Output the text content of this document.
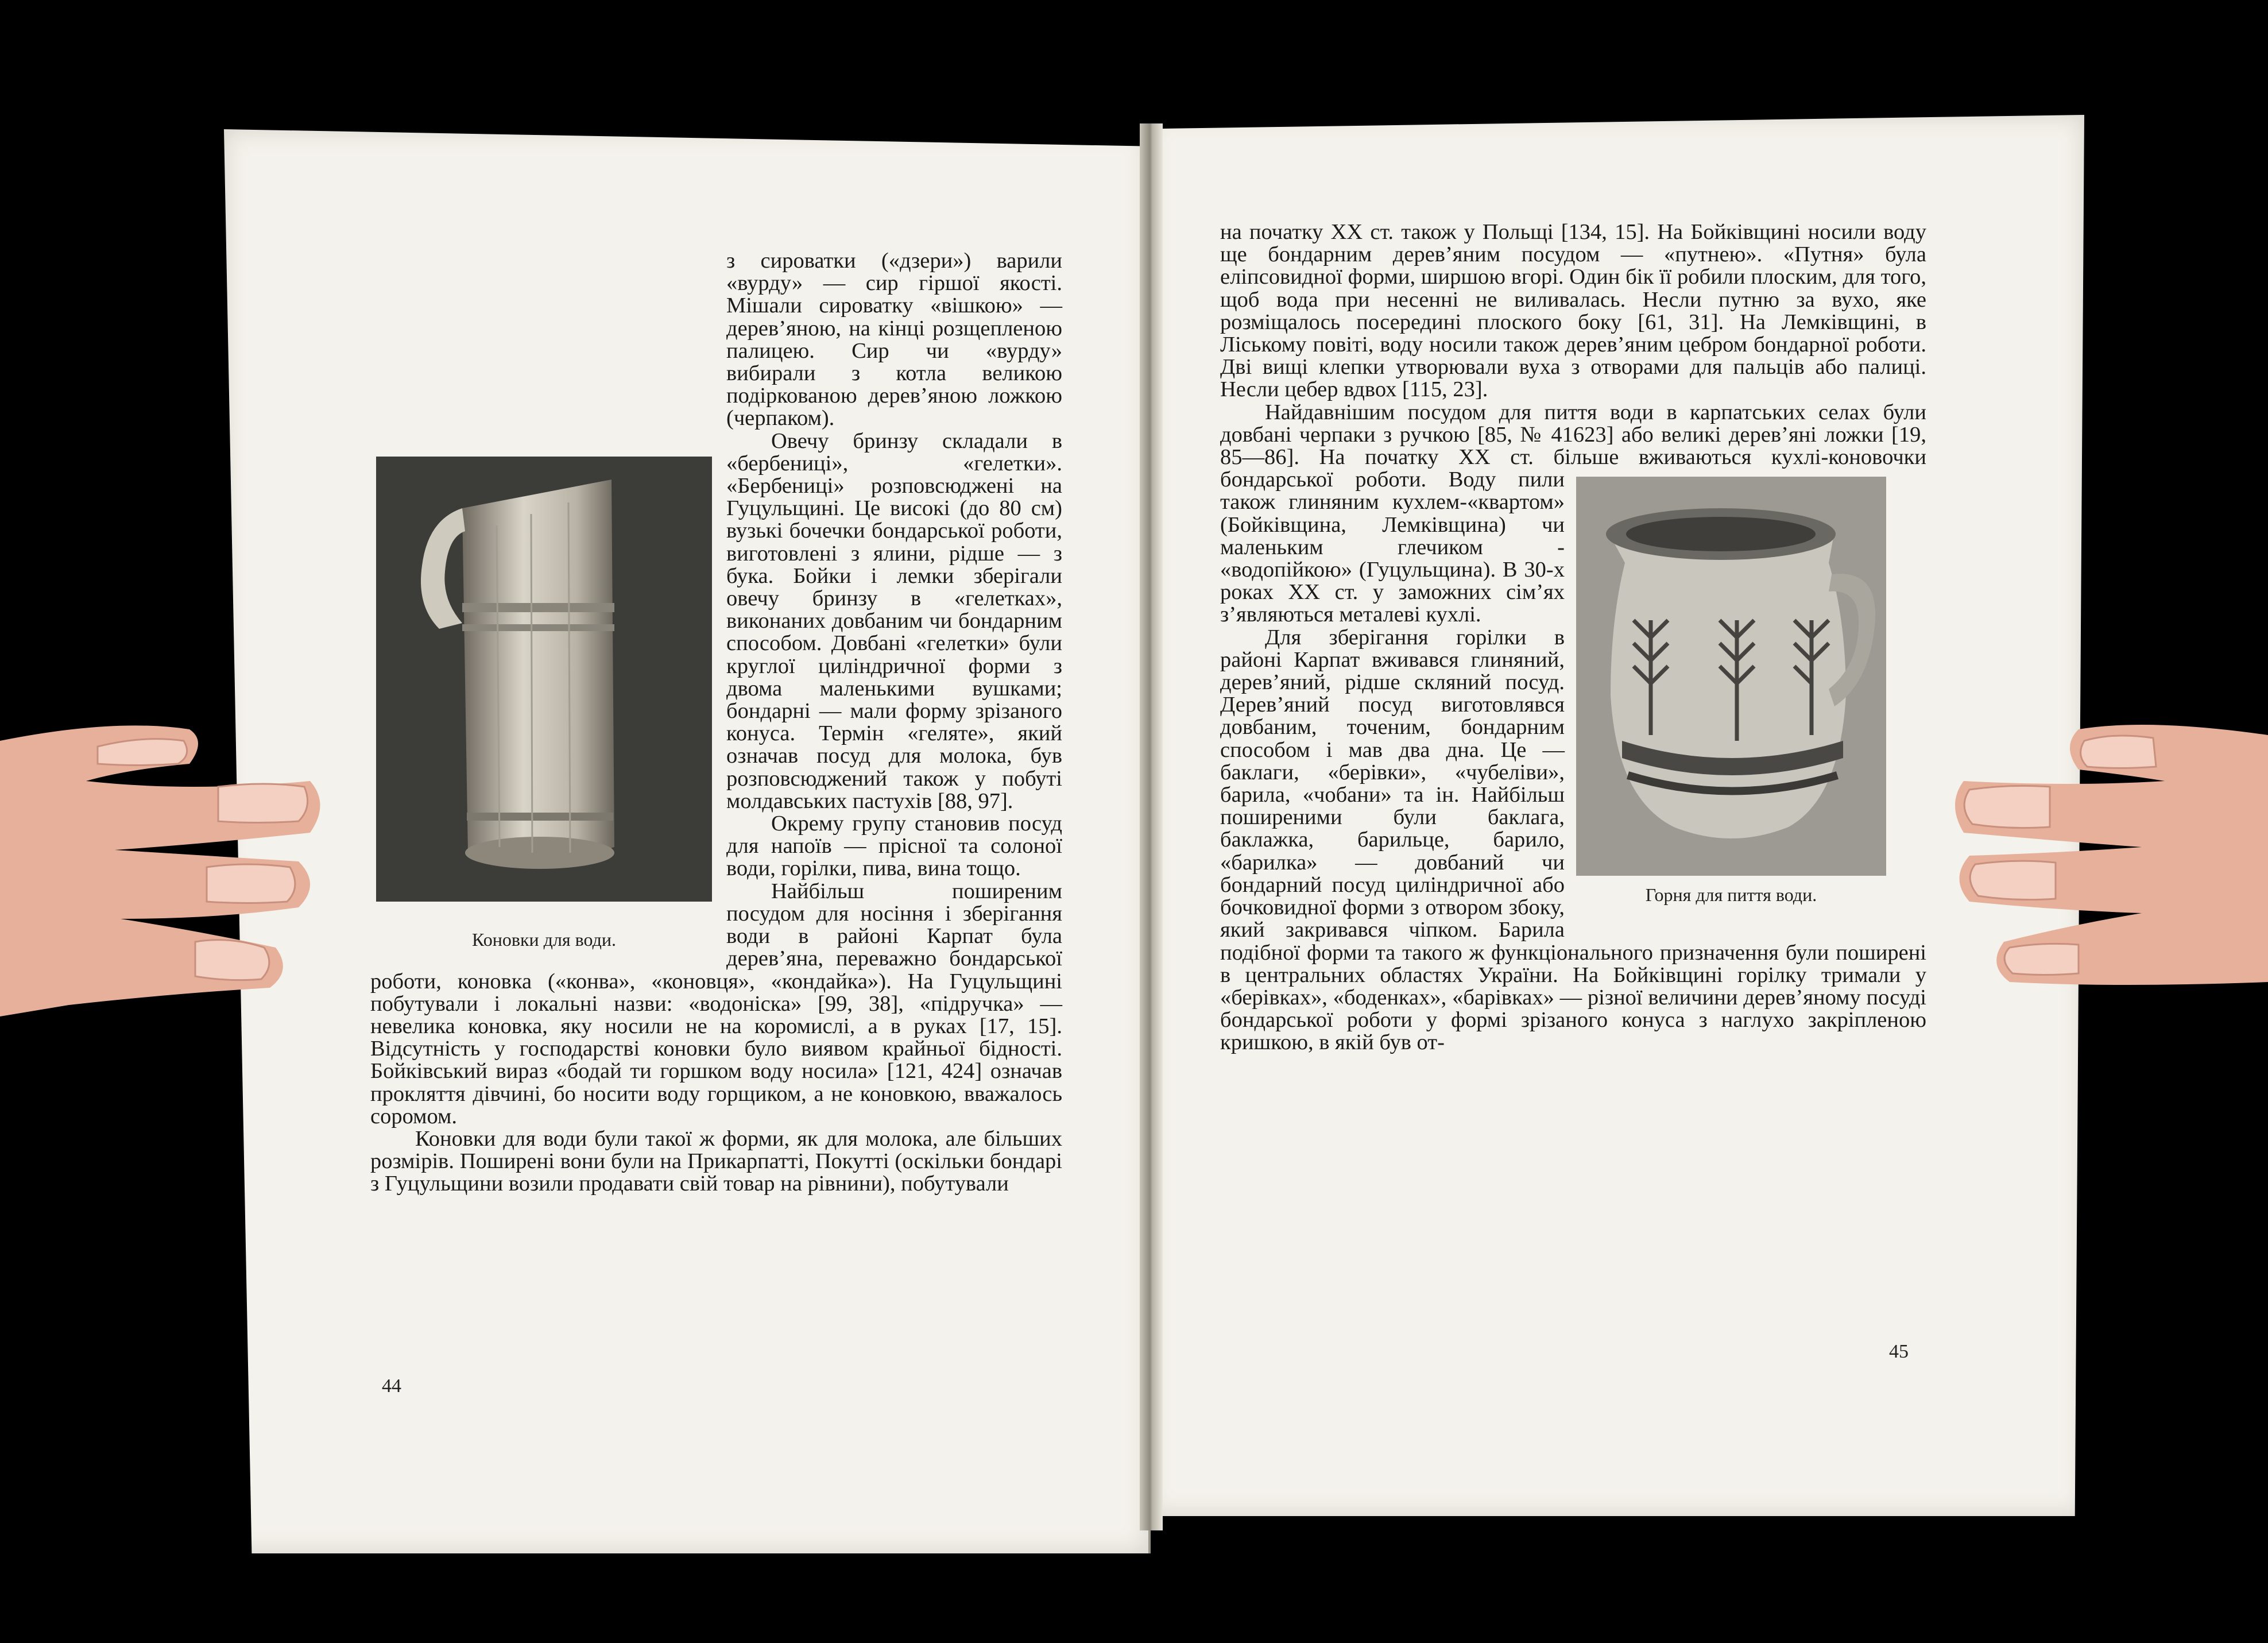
з сироватки («дзери») варили «вурду» — сир гіршої якості. Мішали сироватку «вішкою» — дерев’яною, на кінці розщепленою палицею. Сир чи «вурду» вибирали з котла великою подіркованою дерев’яною ложкою (черпаком).

Овечу бринзу складали в «бербениці», «гелетки». «Бербениці» розповсюджені на Гуцульщині. Це високі (до 80 см) вузькі бочечки бондарської роботи, виготовлені з ялини, рідше — з бука. Бойки і лемки зберігали овечу бринзу в «гелетках», виконаних довбаним чи бондарним способом. Довбані «гелетки» були круглої циліндричної форми з двома маленькими вушками; бондарні — мали форму зрізаного конуса. Термін «геляте», який означав посуд для молока, був розповсюджений також у побуті молдавських пастухів [88, 97].

Окрему групу становив посуд для напоїв — прісної та солоної води, горілки, пива, вина тощо.

Найбільш поширеним посудом для носіння і зберігання води в районі Карпат була дерев’яна, переважно бондарської роботи, коновка («конва», «коновця», «кондайка»). На Гуцульщині побутували і локальні назви: «водоніска» [99, 38], «підручка» — невелика коновка, яку носили не на коромислі, а в руках [17, 15]. Відсутність у господарстві коновки було виявом крайньої бідності. Бойківський вираз «бодай ти горшком воду носила» [121, 424] означав прокляття дівчині, бо носити воду горщиком, а не коновкою, вважалось соромом.

Коновки для води були такої ж форми, як для молока, але більших розмірів. Поширені вони були на Прикарпатті, Покутті (оскільки бондарі з Гуцульщини возили продавати свій товар на рівнини), побутували

Коновки для води.
44

на початку XX ст. також у Польщі [134, 15]. На Бойківщині носили воду ще бондарним дерев’яним посудом — «путнею». «Путня» була еліпсовидної форми, ширшою вгорі. Один бік її робили плоским, для того, щоб вода при несенні не виливалась. Несли путню за вухо, яке розміщалось посередині плоского боку [61, 31]. На Лемківщині, в Ліському повіті, воду носили також дерев’яним цебром бондарної роботи. Дві вищі клепки утворювали вуха з отворами для пальців або палиці. Несли цебер вдвох [115, 23].

Найдавнішим посудом для пиття води в карпатських селах були довбані черпаки з ручкою [85, № 41623] або великі дерев’яні ложки [19, 85—86]. На початку XX ст. більше вживаються кухлі-коновочки бондарської роботи. Воду пили також глиняним кухлем-«квартом» (Бойківщина, Лемківщина) чи маленьким глечиком - «водопійкою» (Гуцульщина). В 30-х роках XX ст. у заможних сім’ях з’являються металеві кухлі.

Для зберігання горілки в районі Карпат вживався глиняний, дерев’яний, рідше скляний посуд. Дерев’яний посуд виготовлявся довбаним, точеним, бондарним способом і мав два дна. Це — баклаги, «берівки», «чубеліви», барила, «чобани» та ін. Найбільш поширеними були баклага, баклажка, барильце, барило, «барилка» — довбаний чи бондарний посуд циліндричної або бочковидної форми з отвором збоку, який закривався чіпком. Барила подібної форми та такого ж функціонального призначення були поширені в центральних областях України. На Бойківщині горілку тримали у «берівках», «боденках», «барівках» — різної величини дерев’яному посуді бондарської роботи у формі зрізаного конуса з наглухо закріпленою кришкою, в якій був от-

Горня для пиття води.
45
